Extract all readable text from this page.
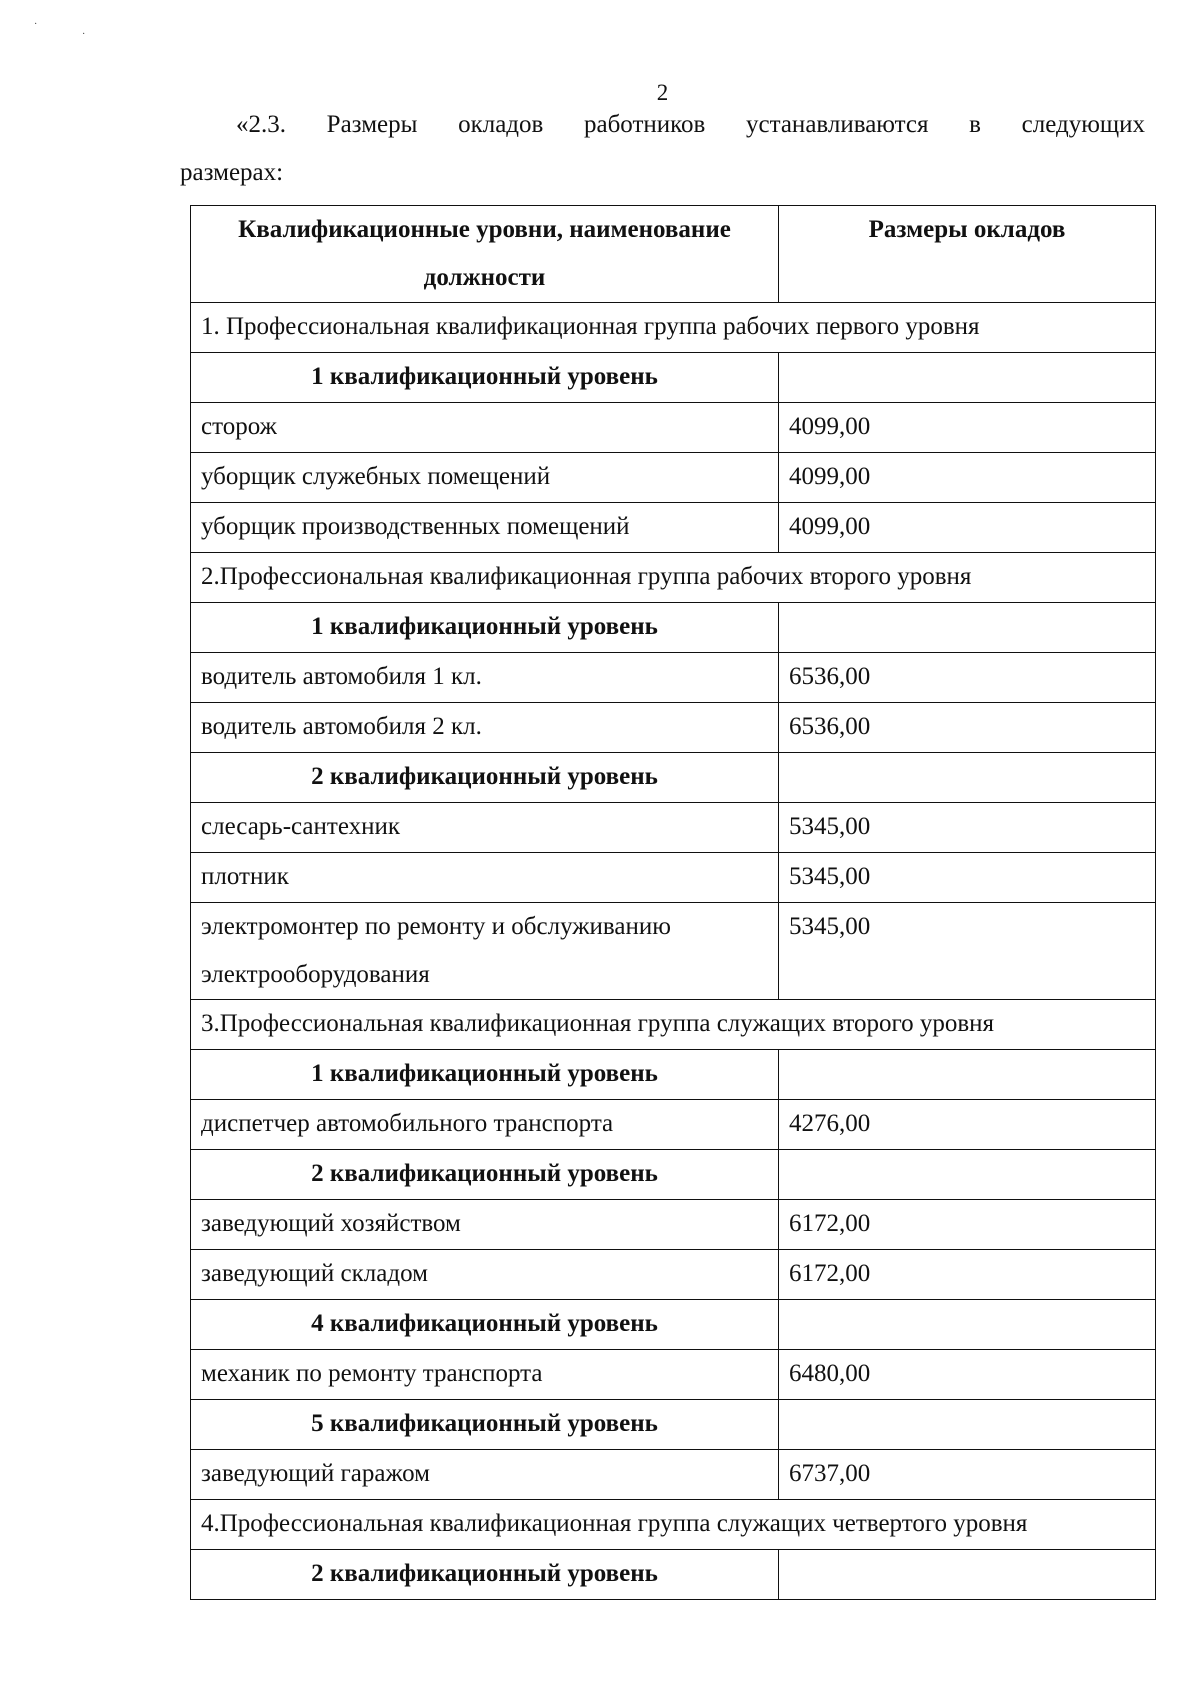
·
·
2
«2.3. Размеры окладов работников устанавливаются в следующих
размерах:
Квалификационные уровни, наименование должности	Размеры окладов
1. Профессиональная квалификационная группа рабочих первого уровня	
1 квалификационный уровень	
сторож	4099,00
уборщик служебных помещений	4099,00
уборщик производственных помещений	4099,00
2.Профессиональная квалификационная группа рабочих второго уровня	
1 квалификационный уровень	
водитель автомобиля 1 кл.	6536,00
водитель автомобиля 2 кл.	6536,00
2 квалификационный уровень	
слесарь-сантехник	5345,00
плотник	5345,00
электромонтер по ремонту и обслуживанию электрооборудования	5345,00
3.Профессиональная квалификационная группа служащих второго уровня	
1 квалификационный уровень	
диспетчер автомобильного транспорта	4276,00
2 квалификационный уровень	
заведующий хозяйством	6172,00
заведующий складом	6172,00
4 квалификационный уровень	
механик по ремонту транспорта	6480,00
5 квалификационный уровень	
заведующий гаражом	6737,00
4.Профессиональная квалификационная группа служащих четвертого уровня	
2 квалификационный уровень	
